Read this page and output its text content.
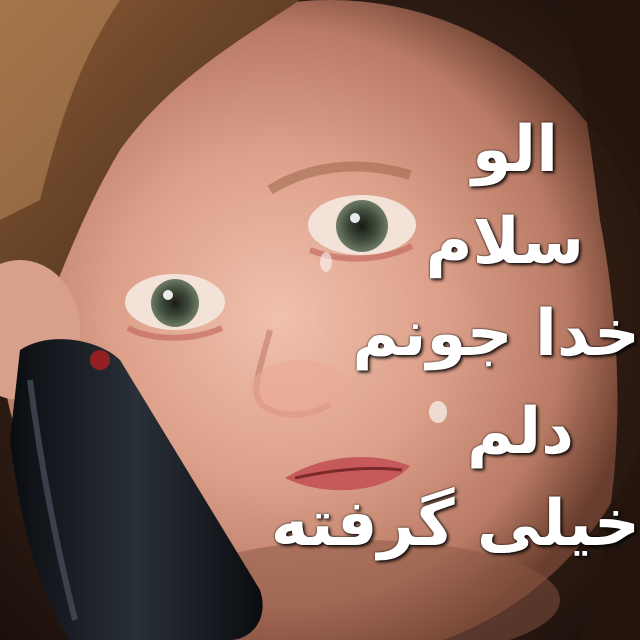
الو
سلام
خدا جونم
دلم
خیلی گرفته
